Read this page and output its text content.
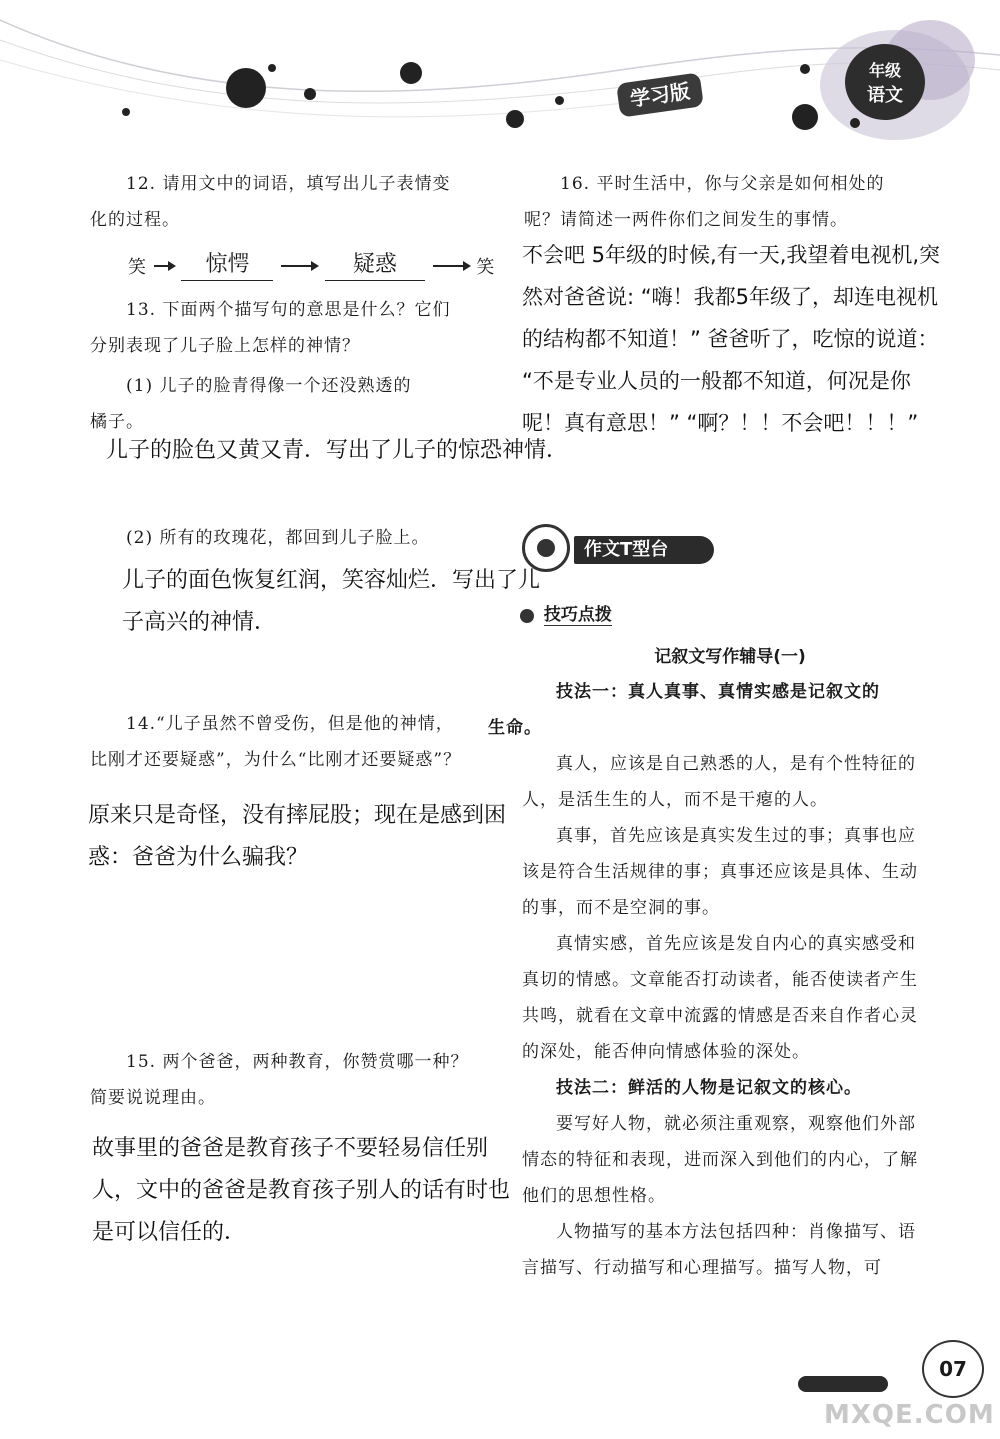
学习版
年级
语文
12. 请用文中的词语，填写出儿子表情变
化的过程。
笑	惊愕	疑惑	笑
13. 下面两个描写句的意思是什么？它们
分别表现了儿子脸上怎样的神情？
(1) 儿子的脸青得像一个还没熟透的
橘子。
儿子的脸色又黄又青．写出了儿子的惊恐神情．
(2) 所有的玫瑰花，都回到儿子脸上。
儿子的面色恢复红润，笑容灿烂．写出了儿
子高兴的神情．
14.“儿子虽然不曾受伤，但是他的神情，
比刚才还要疑惑”，为什么“比刚才还要疑惑”？
原来只是奇怪，没有摔屁股；现在是感到困
惑：爸爸为什么骗我？
15. 两个爸爸，两种教育，你赞赏哪一种？
简要说说理由。
故事里的爸爸是教育孩子不要轻易信任别
人，文中的爸爸是教育孩子别人的话有时也
是可以信任的．
16. 平时生活中，你与父亲是如何相处的
呢？请简述一两件你们之间发生的事情。
不会吧 5年级的时候,有一天,我望着电视机,突
然对爸爸说: “嗨！我都5年级了，却连电视机
的结构都不知道！” 爸爸听了，吃惊的说道：
“不是专业人员的一般都不知道，何况是你
呢！真有意思！” “啊？！！不会吧！！！”
作文T型台
技巧点拨
记叙文写作辅导(一)

技法一：真人真事、真情实感是记叙文的
生命。

真人，应该是自己熟悉的人，是有个性特征的人，是活生生的人，而不是干瘪的人。

真事，首先应该是真实发生过的事；真事也应该是符合生活规律的事；真事还应该是具体、生动的事，而不是空洞的事。

真情实感，首先应该是发自内心的真实感受和真切的情感。文章能否打动读者，能否使读者产生共鸣，就看在文章中流露的情感是否来自作者心灵的深处，能否伸向情感体验的深处。

技法二：鲜活的人物是记叙文的核心。

要写好人物，就必须注重观察，观察他们外部情态的特征和表现，进而深入到他们的内心，了解他们的思想性格。

人物描写的基本方法包括四种：肖像描写、语言描写、行动描写和心理描写。描写人物，可

07
MXQE.COM
